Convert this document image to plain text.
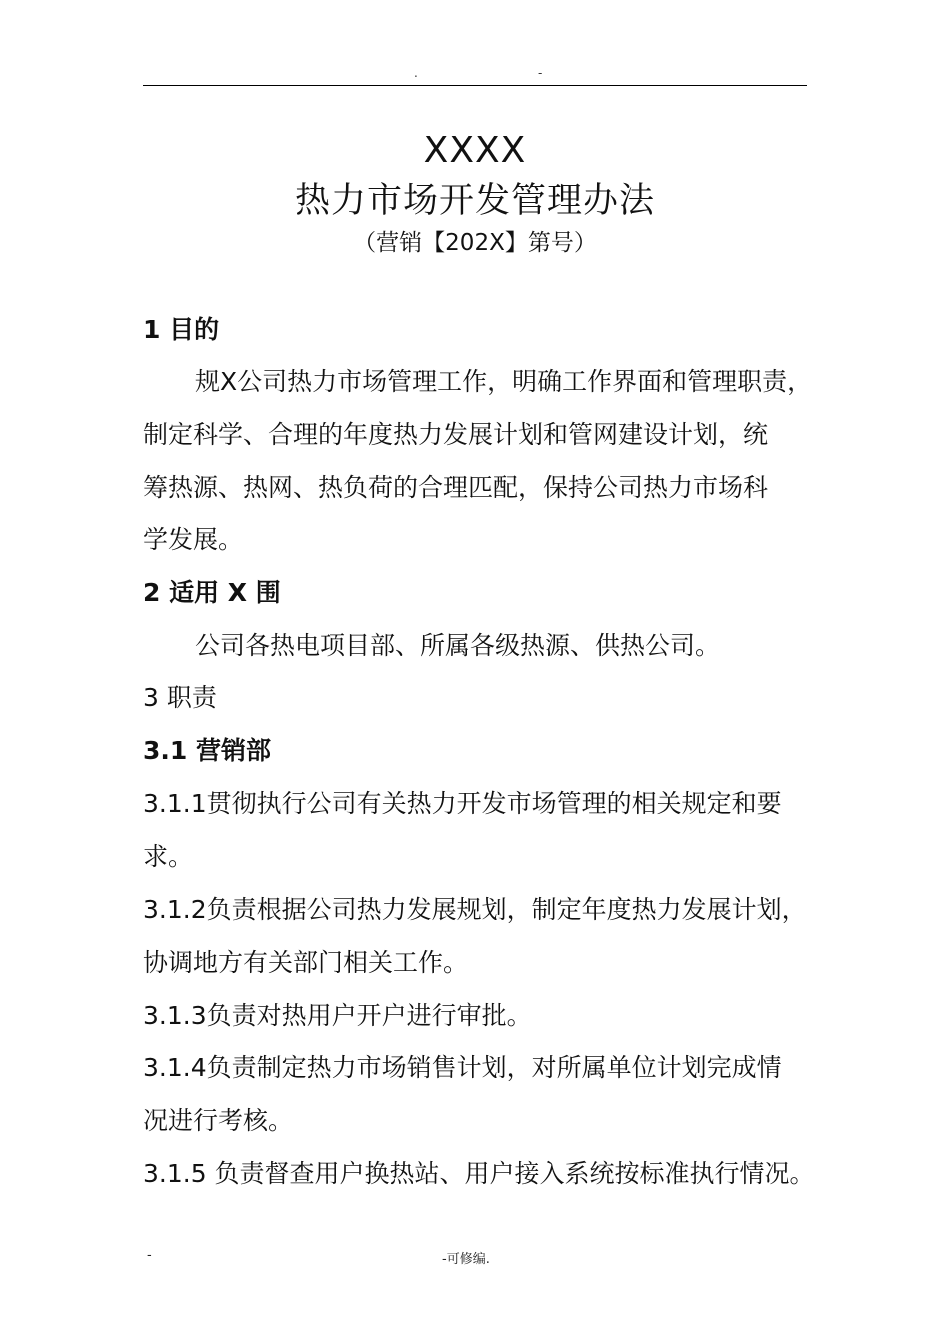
.	-
XXXX
热力市场开发管理办法
（营销【202X】第号）
1 目的
规X公司热力市场管理工作，明确工作界面和管理职责，
制定科学、合理的年度热力发展计划和管网建设计划，统
筹热源、热网、热负荷的合理匹配，保持公司热力市场科
学发展。
2 适用 X 围
公司各热电项目部、所属各级热源、供热公司。
3 职责
3.1 营销部
3.1.1贯彻执行公司有关热力开发市场管理的相关规定和要
求。
3.1.2负责根据公司热力发展规划，制定年度热力发展计划，
协调地方有关部门相关工作。
3.1.3负责对热用户开户进行审批。
3.1.4负责制定热力市场销售计划，对所属单位计划完成情
况进行考核。
3.1.5 负责督查用户换热站、用户接入系统按标准执行情况。
-	-可修编.
